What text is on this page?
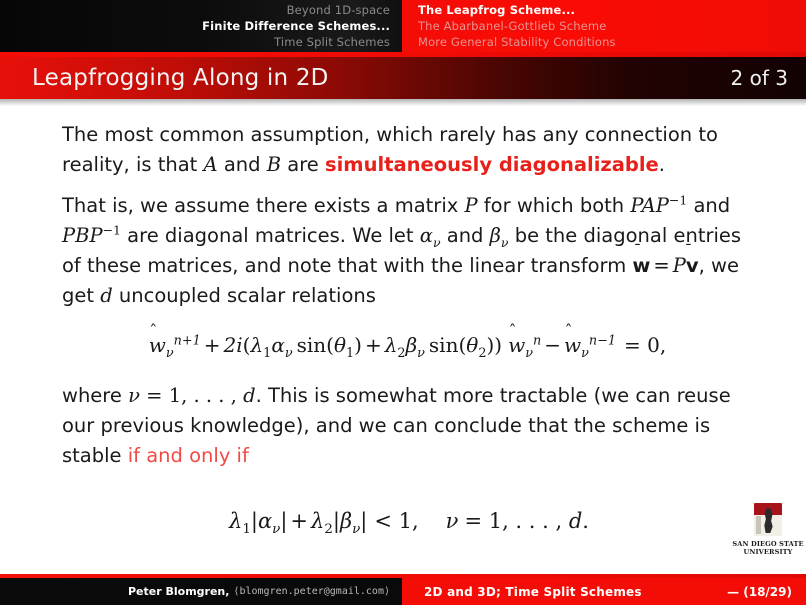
Beyond 1D-space
Finite Difference Schemes...
Time Split Schemes
The Leapfrog Scheme...
The Abarbanel-Gottlieb Scheme
More General Stability Conditions
Leapfrogging Along in 2D	2 of 3

The most common assumption, which rarely has any connection to reality, is that A and B are simultaneously diagonalizable.

That is, we assume there exists a matrix P for which both $PAP^{-1}$ and $PBP^{-1}$ are diagonal matrices. We let $\alpha_\nu$ and $\beta_\nu$ be the diagonal entries of these matrices, and note that with the linear transform
w = P
v, we get d uncoupled scalar relations

$w_\nu^{n+1} + 2i(\lambda_1\alpha_\nu$ $\sin(\theta_1) + \lambda_2\beta_\nu$ $\sin(\theta_2)$) $w_\nu^n - w_\nu^{n-1} = 0$,

where ν = 1, . . . , d. This is somewhat more tractable (we can reuse our previous knowledge), and we can conclude that the scheme is stable if and only if

$\lambda_1|\alpha_\nu| + \lambda_2|\beta_\nu| < 1$, ν = 1, . . . , d.
SAN DIEGO STATE
UNIVERSITY
Peter Blomgren, ⟨blomgren.peter@gmail.com⟩	2D and 3D; Time Split Schemes	— (18/29)
